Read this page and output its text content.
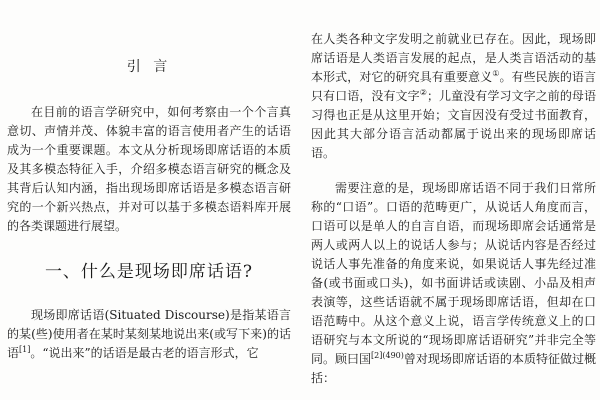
引 言

在目前的语言学研究中，如何考察由一个个言真意切、声情并茂、体貌丰富的语言使用者产生的话语成为一个重要课题。本文从分析现场即席话语的本质及其多模态特征入手，介绍多模态语言研究的概念及其背后认知内涵，指出现场即席话语是多模态语言研究的一个新兴热点，并对可以基于多模态语料库开展的各类课题进行展望。

一、什么是现场即席话语?

现场即席话语(Situated Discourse)是指某语言的某(些)使用者在某时某刻某地说出来(或写下来)的话语[1]。“说出来”的话语是最古老的语言形式，它

在人类各种文字发明之前就业已存在。因此，现场即席话语是人类语言发展的起点，是人类言语活动的基本形式，对它的研究具有重要意义①。有些民族的语言只有口语，没有文字②；儿童没有学习文字之前的母语习得也正是从这里开始；文盲因没有受过书面教育，因此其大部分语言活动都属于说出来的现场即席话语。

需要注意的是，现场即席话语不同于我们日常所称的“口语”。口语的范畴更广，从说话人角度而言，口语可以是单人的自言自语，而现场即席会话通常是两人或两人以上的说话人参与；从说话内容是否经过说话人事先准备的角度来说，如果说话人事先经过准备(或书面或口头)，如书面讲话或读剧、小品及相声表演等，这些话语就不属于现场即席话语，但却在口语范畴中。从这个意义上说，语言学传统意义上的口语研究与本文所说的“现场即席话语研究”并非完全等同。顾曰国$^{[2](490)}$曾对现场即席话语的本质特征做过概括：
